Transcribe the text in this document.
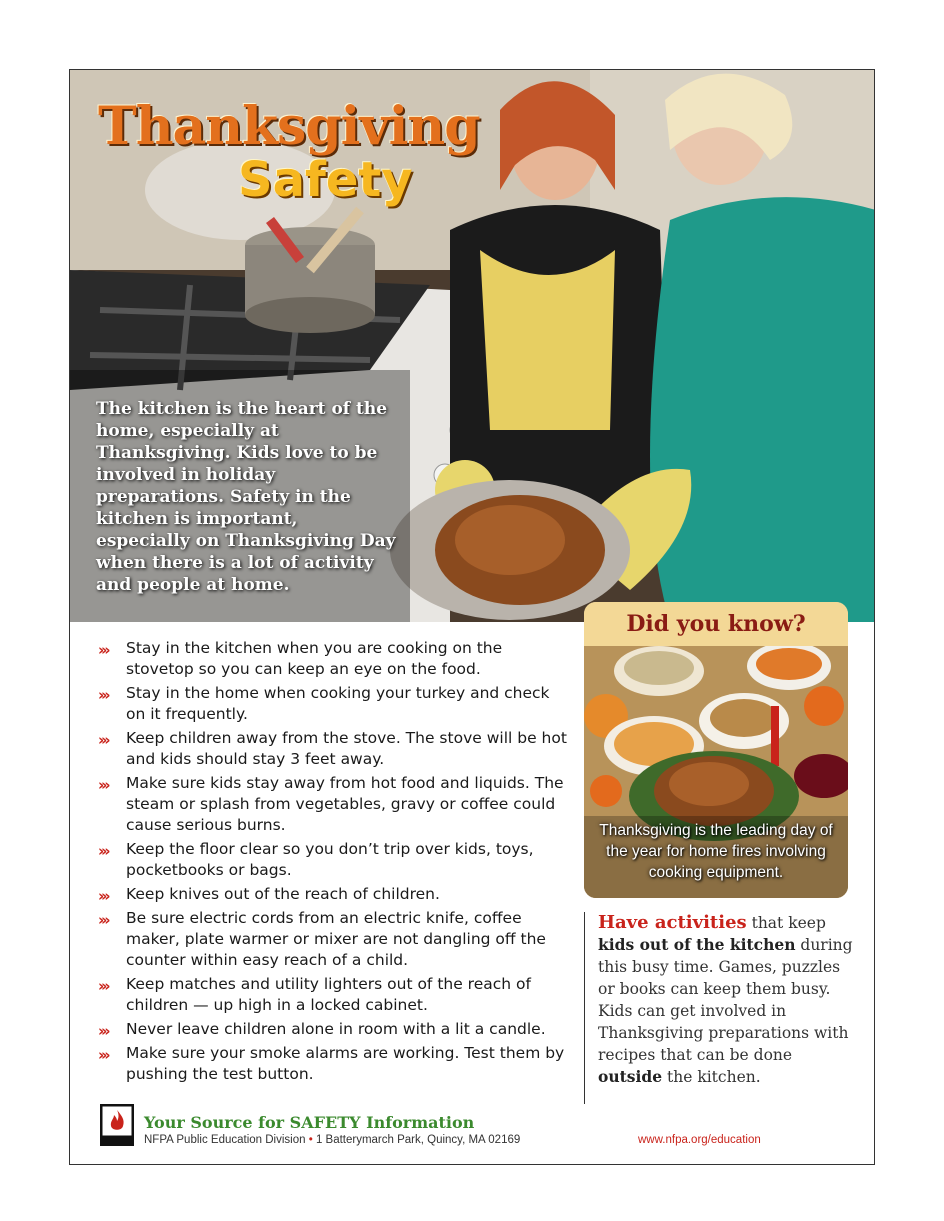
Thanksgiving
Safety
The kitchen is the heart of the home, especially at Thanksgiving. Kids love to be involved in holiday preparations. Safety in the kitchen is important, especially on Thanksgiving Day when there is a lot of activity and people at home.
››› Stay in the kitchen when you are cooking on the stovetop so you can keep an eye on the food.
››› Stay in the home when cooking your turkey and check on it frequently.
››› Keep children away from the stove. The stove will be hot and kids should stay 3 feet away.
››› Make sure kids stay away from hot food and liquids. The steam or splash from vegetables, gravy or coffee could cause serious burns.
››› Keep the floor clear so you don’t trip over kids, toys, pocketbooks or bags.
››› Keep knives out of the reach of children.
››› Be sure electric cords from an electric knife, coffee maker, plate warmer or mixer are not dangling off the counter within easy reach of a child.
››› Keep matches and utility lighters out of the reach of children — up high in a locked cabinet.
››› Never leave children alone in room with a lit a candle.
››› Make sure your smoke alarms are working. Test them by pushing the test button.
Did you know?
Thanksgiving is the leading day of the year for home fires involving cooking equipment.
Have activities that keep kids out of the kitchen during this busy time. Games, puzzles or books can keep them busy. Kids can get involved in Thanksgiving preparations with recipes that can be done outside the kitchen.
Your Source for SAFETY Information
NFPA Public Education Division • 1 Batterymarch Park, Quincy, MA 02169	www.nfpa.org/education
